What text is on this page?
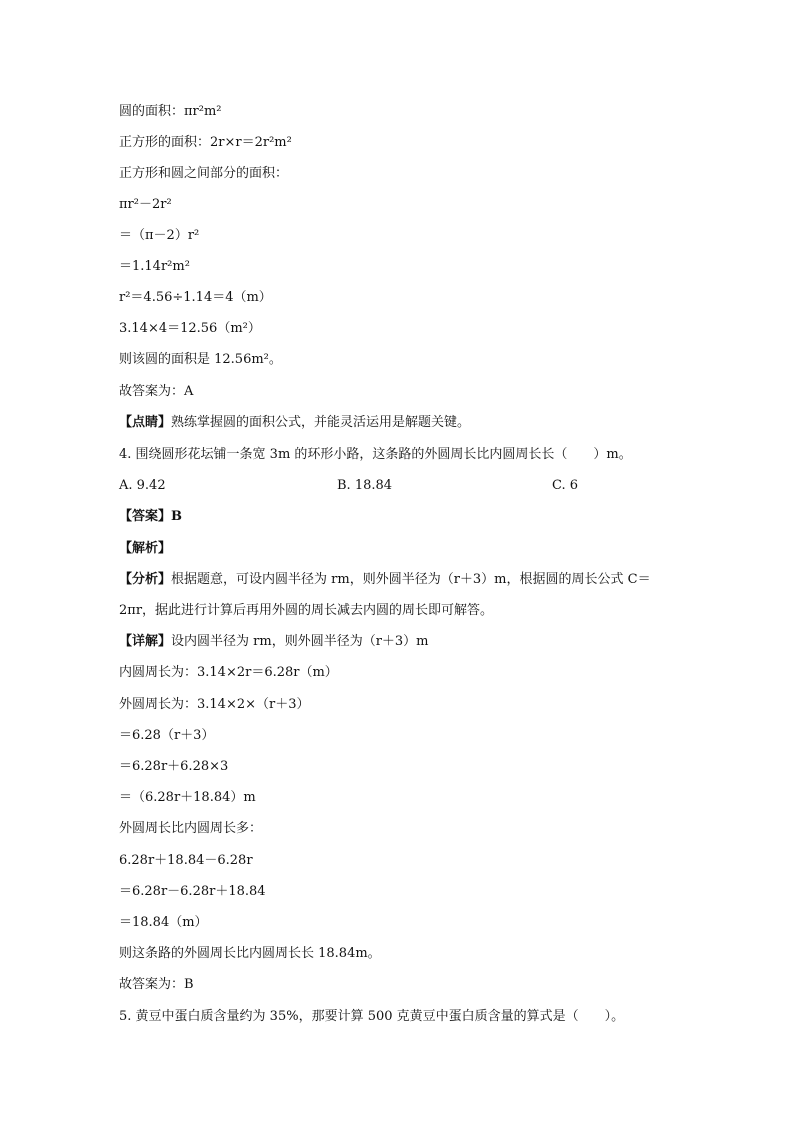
圆的面积：πr²m²
正方形的面积：2r×r＝2r²m²
正方形和圆之间部分的面积：
πr²－2r²
＝（π－2）r²
＝1.14r²m²
r²＝4.56÷1.14＝4（m）
3.14×4＝12.56（m²）
则该圆的面积是 12.56m²。
故答案为：A
【点睛】熟练掌握圆的面积公式，并能灵活运用是解题关键。
4. 围绕圆形花坛铺一条宽 3m 的环形小路，这条路的外圆周长比内圆周长长（　　）m。
A. 9.42	B. 18.84	C. 6
【答案】B
【解析】
【分析】根据题意，可设内圆半径为 rm，则外圆半径为（r＋3）m，根据圆的周长公式 C＝
2πr，据此进行计算后再用外圆的周长减去内圆的周长即可解答。
【详解】设内圆半径为 rm，则外圆半径为（r＋3）m
内圆周长为：3.14×2r＝6.28r（m）
外圆周长为：3.14×2×（r＋3）
＝6.28（r＋3）
＝6.28r＋6.28×3
＝（6.28r＋18.84）m
外圆周长比内圆周长多：
6.28r＋18.84－6.28r
＝6.28r－6.28r＋18.84
＝18.84（m）
则这条路的外圆周长比内圆周长长 18.84m。
故答案为：B
5. 黄豆中蛋白质含量约为 35%，那要计算 500 克黄豆中蛋白质含量的算式是（　　）。
